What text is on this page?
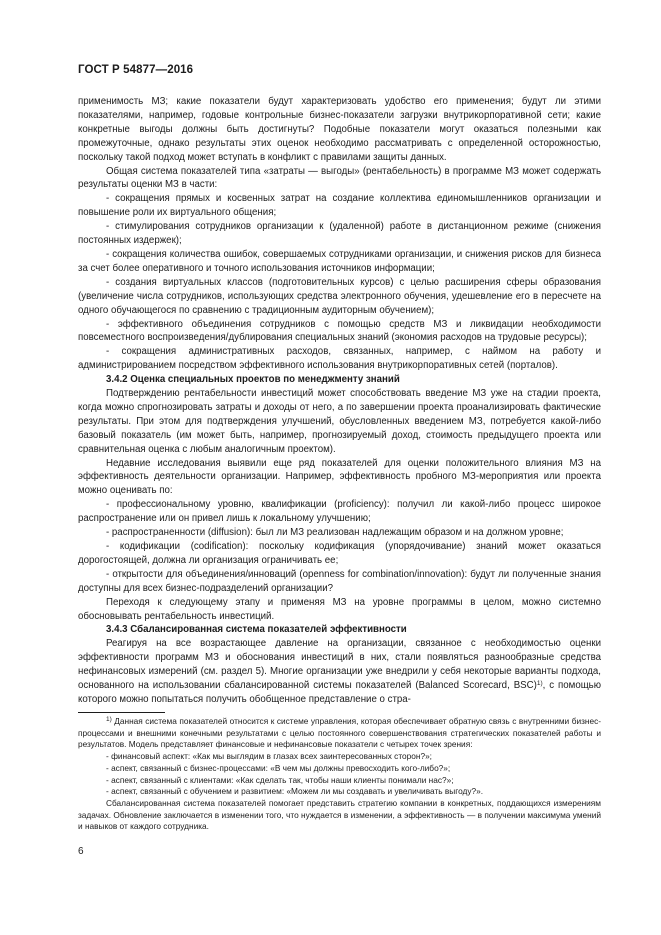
ГОСТ Р 54877—2016

применимость МЗ; какие показатели будут характеризовать удобство его применения; будут ли этими показателями, например, годовые контрольные бизнес-показатели загрузки внутрикорпоративной сети; какие конкретные выгоды должны быть достигнуты? Подобные показатели могут оказаться полезными как промежуточные, однако результаты этих оценок необходимо рассматривать с определенной осторожностью, поскольку такой подход может вступать в конфликт с правилами защиты данных.

Общая система показателей типа «затраты — выгоды» (рентабельность) в программе МЗ может содержать результаты оценки МЗ в части:

- сокращения прямых и косвенных затрат на создание коллектива единомышленников организации и повышение роли их виртуального общения;

- стимулирования сотрудников организации к (удаленной) работе в дистанционном режиме (снижения постоянных издержек);

- сокращения количества ошибок, совершаемых сотрудниками организации, и снижения рисков для бизнеса за счет более оперативного и точного использования источников информации;

- создания виртуальных классов (подготовительных курсов) с целью расширения сферы образования (увеличение числа сотрудников, использующих средства электронного обучения, удешевление его в пересчете на одного обучающегося по сравнению с традиционным аудиторным обучением);

- эффективного объединения сотрудников с помощью средств МЗ и ликвидации необходимости повсеместного воспроизведения/дублирования специальных знаний (экономия расходов на трудовые ресурсы);

- сокращения административных расходов, связанных, например, с наймом на работу и администрированием посредством эффективного использования внутрикорпоративных сетей (порталов).

3.4.2 Оценка специальных проектов по менеджменту знаний

Подтверждению рентабельности инвестиций может способствовать введение МЗ уже на стадии проекта, когда можно спрогнозировать затраты и доходы от него, а по завершении проекта проанализировать фактические результаты. При этом для подтверждения улучшений, обусловленных введением МЗ, потребуется какой-либо базовый показатель (им может быть, например, прогнозируемый доход, стоимость предыдущего проекта или сравнительная оценка с любым аналогичным проектом).

Недавние исследования выявили еще ряд показателей для оценки положительного влияния МЗ на эффективность деятельности организации. Например, эффективность пробного МЗ-мероприятия или проекта можно оценивать по:

- профессиональному уровню, квалификации (proficiency): получил ли какой-либо процесс широкое распространение или он привел лишь к локальному улучшению;

- распространенности (diffusion): был ли МЗ реализован надлежащим образом и на должном уровне;

- кодификации (codification): поскольку кодификация (упорядочивание) знаний может оказаться дорогостоящей, должна ли организация ограничивать ее;

- открытости для объединения/инноваций (openness for combination/innovation): будут ли полученные знания доступны для всех бизнес-подразделений организации?

Переходя к следующему этапу и применяя МЗ на уровне программы в целом, можно системно обосновывать рентабельность инвестиций.

3.4.3 Сбалансированная система показателей эффективности

Реагируя на все возрастающее давление на организации, связанное с необходимостью оценки эффективности программ МЗ и обоснования инвестиций в них, стали появляться разнообразные средства нефинансовых измерений (см. раздел 5). Многие организации уже внедрили у себя некоторые варианты подхода, основанного на использовании сбалансированной системы показателей (Balanced Scorecard, BSC)$^{1)}$, с помощью которого можно попытаться получить обобщенное представление о стра-

$^{1)}$ Данная система показателей относится к системе управления, которая обеспечивает обратную связь с внутренними бизнес-процессами и внешними конечными результатами с целью постоянного совершенствования стратегических показателей работы и результатов. Модель представляет финансовые и нефинансовые показатели с четырех точек зрения:

- финансовый аспект: «Как мы выглядим в глазах всех заинтересованных сторон?»;

- аспект, связанный с бизнес-процессами: «В чем мы должны превосходить кого-либо?»;

- аспект, связанный с клиентами: «Как сделать так, чтобы наши клиенты понимали нас?»;

- аспект, связанный с обучением и развитием: «Можем ли мы создавать и увеличивать выгоду?».

Сбалансированная система показателей помогает представить стратегию компании в конкретных, поддающихся измерениям задачах. Обновление заключается в изменении того, что нуждается в изменении, а эффективность — в получении максимума умений и навыков от каждого сотрудника.

6
